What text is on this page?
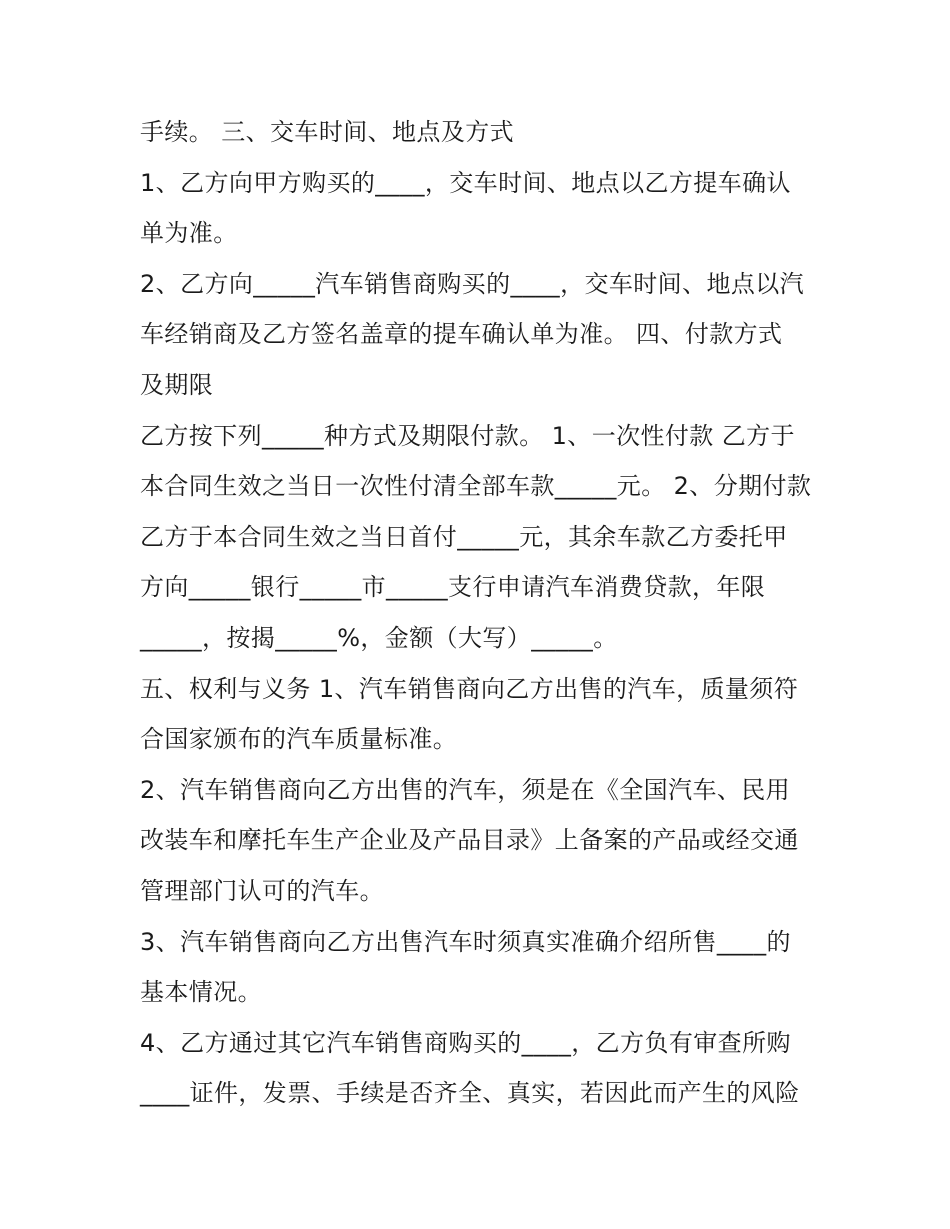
手续。 三、交车时间、地点及方式
1、乙方向甲方购买的____，交车时间、地点以乙方提车确认
单为准。
2、乙方向_____汽车销售商购买的____，交车时间、地点以汽
车经销商及乙方签名盖章的提车确认单为准。 四、付款方式
及期限
乙方按下列_____种方式及期限付款。 1、一次性付款 乙方于
本合同生效之当日一次性付清全部车款_____元。 2、分期付款
乙方于本合同生效之当日首付_____元，其余车款乙方委托甲
方向_____银行_____市_____支行申请汽车消费贷款，年限
_____，按揭_____%，金额（大写）_____。
五、权利与义务 1、汽车销售商向乙方出售的汽车，质量须符
合国家颁布的汽车质量标准。
2、汽车销售商向乙方出售的汽车，须是在《全国汽车、民用
改装车和摩托车生产企业及产品目录》上备案的产品或经交通
管理部门认可的汽车。
3、汽车销售商向乙方出售汽车时须真实准确介绍所售____的
基本情况。
4、乙方通过其它汽车销售商购买的____，乙方负有审查所购
____证件，发票、手续是否齐全、真实，若因此而产生的风险
